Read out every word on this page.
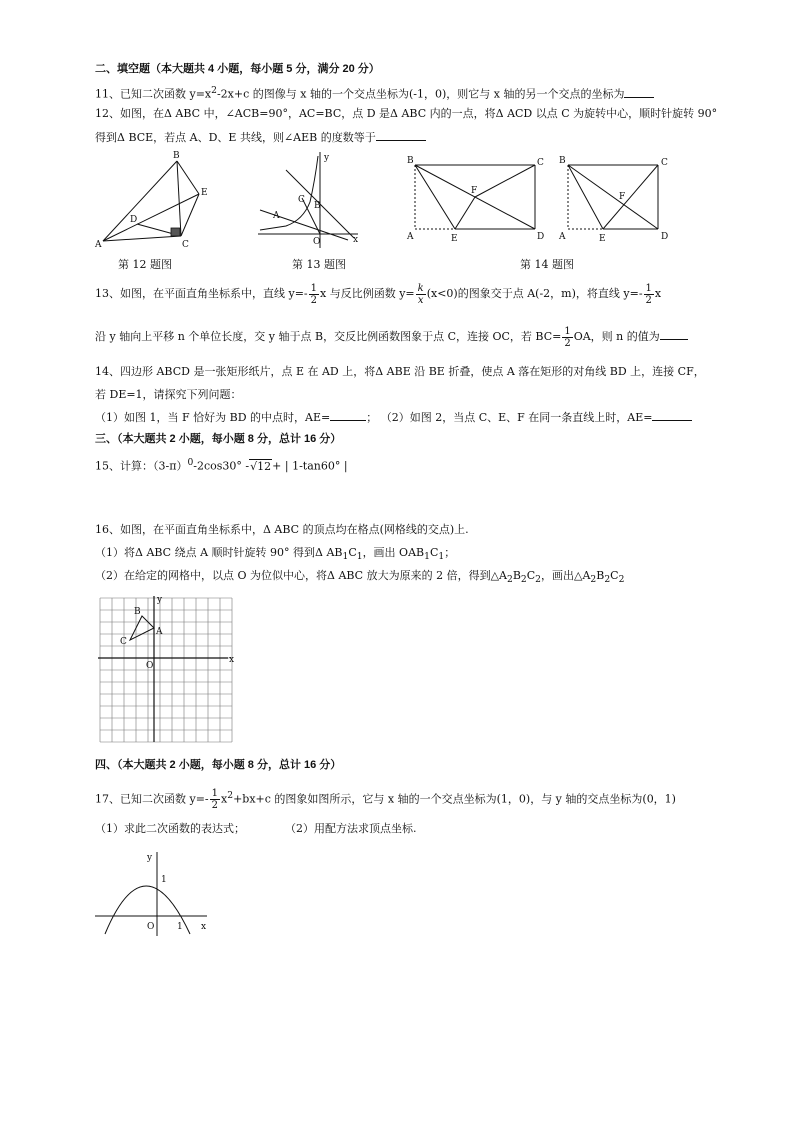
二、填空题（本大题共 4 小题，每小题 5 分，满分 20 分）
11、已知二次函数 $y=x^2-2x+c$ 的图像与 x 轴的一个交点坐标为(-1，0)，则它与 x 轴的另一个交点的坐标为
12、如图，在Δ ABC 中，∠ACB=90°，AC=BC，点 D 是Δ ABC 内的一点，将Δ ACD 以点 C 为旋转中心，顺时针旋转 90°
得到Δ BCE，若点 A、D、E 共线，则∠AEB 的度数等于
A
B
C
D
E
A
C
B
O
y
x
B	C
A	E	D
F
B	C
A	E	D
F
第 12 题图	第 13 题图	第 14 题图
13、如图，在平面直角坐标系中，直线 $y=- \frac{1}{2}$ x 与反比例函数 $y= \frac{k}{x} (x<0)$的图象交于点 A(-2，m)，将直线 $y=- \frac{1}{2}$ x
沿 y 轴向上平移 n 个单位长度，交 y 轴于点 B，交反比例函数图象于点 C，连接 OC，若 $BC= \frac{1}{2}$ OA，则 n 的值为
14、四边形 ABCD 是一张矩形纸片，点 E 在 AD 上，将Δ ABE 沿 BE 折叠，使点 A 落在矩形的对角线 BD 上，连接 CF，
若 DE=1，请探究下列问题：
（1）如图 1，当 F 恰好为 BD 的中点时，AE=	； （2）如图 2，当点 C、E、F 在同一条直线上时，AE=
三、（本大题共 2 小题，每小题 8 分，总计 16 分）
15、计算：$(3-\pi)^0-2\cos 30^\circ$ -√12+ | 1-tan60° |
16、如图，在平面直角坐标系中，Δ ABC 的顶点均在格点(网格线的交点)上.
（1）将Δ ABC 绕点 A 顺时针旋转 90° 得到Δ $AB_1C_1$，画出 $OAB_1C_1$；
（2）在给定的网格中，以点 O 为位似中心，将Δ ABC 放大为原来的 2 倍，得到$\triangle A_2B_2C_2$，画出$\triangle A_2B_2C_2$
B
A
C
O
x
y
四、（本大题共 2 小题，每小题 8 分，总计 16 分）
17、已知二次函数 $y=- \frac{1}{2} x^2+bx+c$ 的图象如图所示，它与 x 轴的一个交点坐标为(1，0)，与 y 轴的交点坐标为(0，1)
（1）求此二次函数的表达式；	（2）用配方法求顶点坐标.
y
1
O	1 x
